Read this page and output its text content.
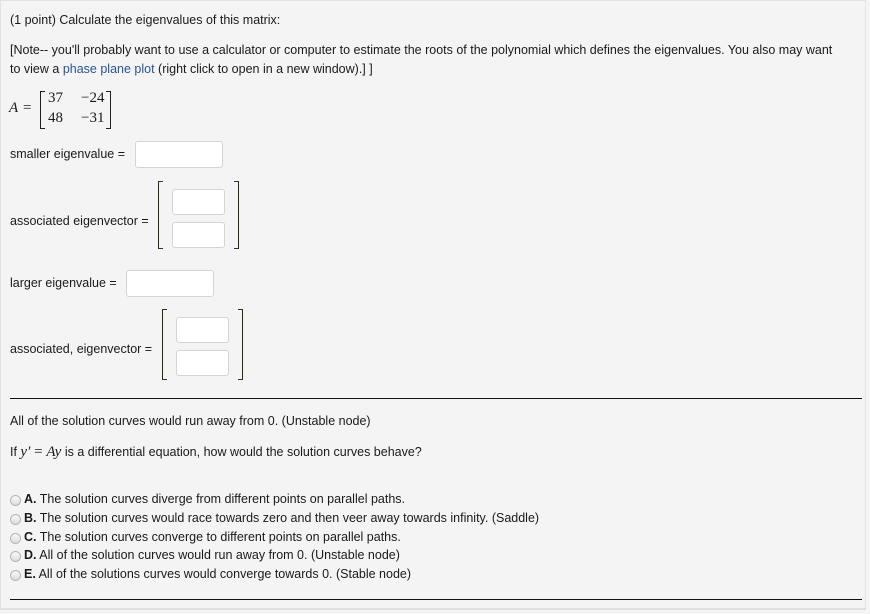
(1 point) Calculate the eigenvalues of this matrix:
[Note-- you'll probably want to use a calculator or computer to estimate the roots of the polynomial which defines the eigenvalues. You also may want
to view a phase plane plot (right click to open in a new window).] ]
A =
37 −24
48 −31
smaller eigenvalue =
associated eigenvector =
larger eigenvalue =
associated, eigenvector =
All of the solution curves would run away from 0. (Unstable node)
If y′ = Ay is a differential equation, how would the solution curves behave?
A. The solution curves diverge from different points on parallel paths.
B. The solution curves would race towards zero and then veer away towards infinity. (Saddle)
C. The solution curves converge to different points on parallel paths.
D. All of the solution curves would run away from 0. (Unstable node)
E. All of the solutions curves would converge towards 0. (Stable node)
